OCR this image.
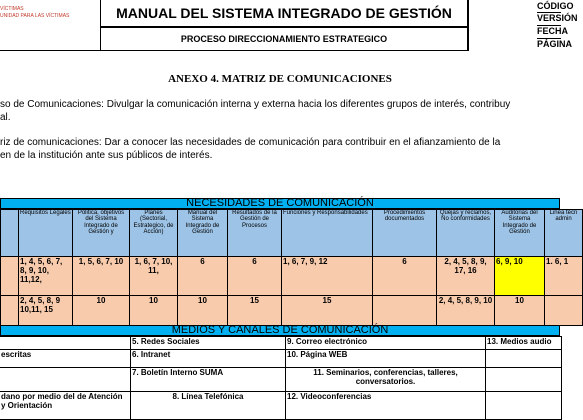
VÍCTIMAS
UNIDAD PARA LAS VÍCTIMAS	MANUAL DEL SISTEMA INTEGRADO DE GESTIÓN
PROCESO DIRECCIONAMIENTO ESTRATEGICO
CÓDIGO
VERSIÓN
FECHA
PÁGINA
ANEXO 4. MATRIZ DE COMUNICACIONES
so de Comunicaciones: Divulgar la comunicación interna y externa hacia los diferentes grupos de interés, contribuy
al.
riz de comunicaciones: Dar a conocer las necesidades de comunicación para contribuir en el afianzamiento de la
en de la institución ante sus públicos de interés.
NECESIDADES DE COMUNICACIÓN
	Requisitos Legales	Politica, objetivos del Sistema Integrado de Gestión y	Planes (Sectorial, Estrategico, de Acción)	Manual del Sistema Integrado de Gestión	Resultados de la Gestión de Procesos	Funciones y Responsabilidades	Procedimientos documentados	Quejas y reclamos, No conformidades	Auditorias del Sistema Integrado de Gestión	Linea técn admin
	1, 4, 5, 6, 7, 8, 9, 10, 11,12,	1, 5, 6, 7, 10	1, 6, 7, 10, 11,	6	6	1, 6, 7, 9, 12	6	2, 4, 5, 8, 9, 17, 16	6, 9, 10	1. 6, 1
	2, 4, 5, 8, 9 10,11, 15	10	10	10	15	15		2, 4, 5, 8, 9, 10	10	
MEDIOS Y CANALES DE COMUNICACIÓN
	5. Redes Sociales	9. Correo electrónico	13. Medios audio
escritas	6. Intranet	10. Página WEB	
	7. Boletín Interno SUMA	11. Seminarios, conferencias, talleres, conversatorios.	
dano por medio del de Atención y Orientación	8. Línea Telefónica	12. Videoconferencias	
